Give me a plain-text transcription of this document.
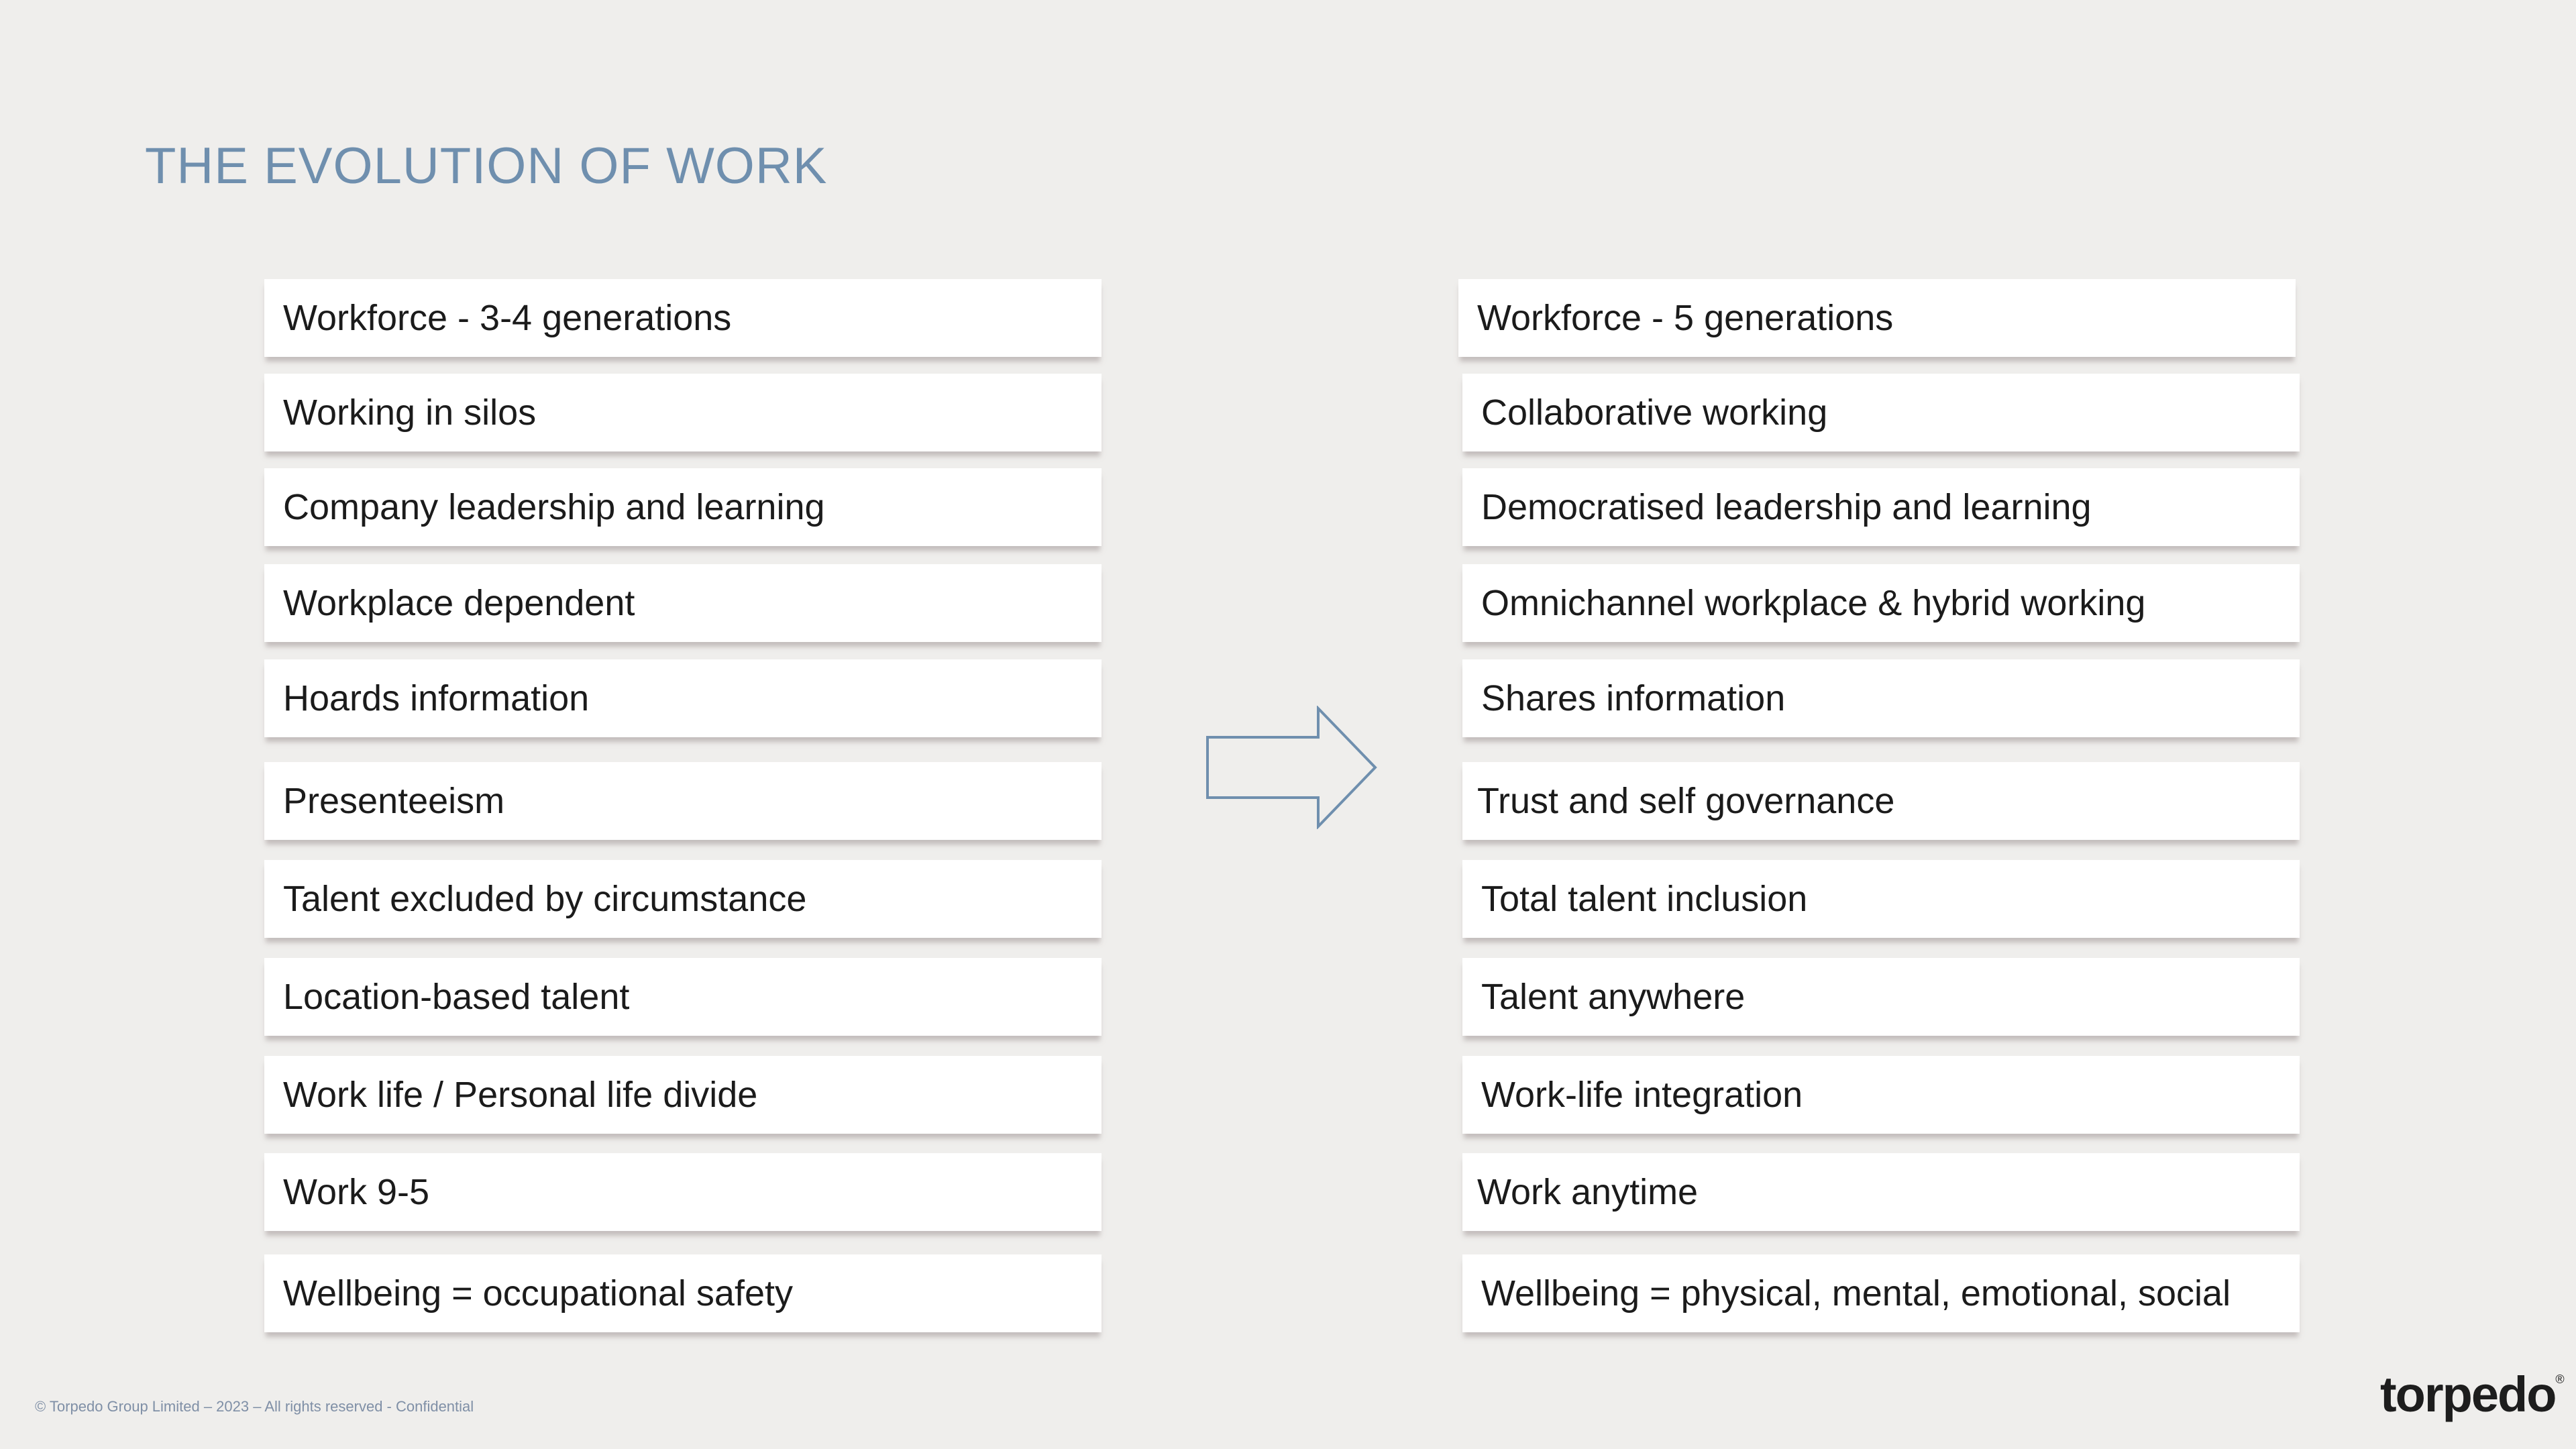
THE EVOLUTION OF WORK
Workforce - 3-4 generations
Working in silos
Company leadership and learning
Workplace dependent
Hoards information
Presenteeism
Talent excluded by circumstance
Location-based talent
Work life / Personal life divide
Work 9-5
Wellbeing = occupational safety
Workforce - 5 generations
Collaborative working
Democratised leadership and learning
Omnichannel workplace & hybrid working
Shares information
Trust and self governance
Total talent inclusion
Talent anywhere
Work-life integration
Work anytime
Wellbeing = physical, mental, emotional, social
© Torpedo Group Limited – 2023 – All rights reserved - Confidential	torpedo®
